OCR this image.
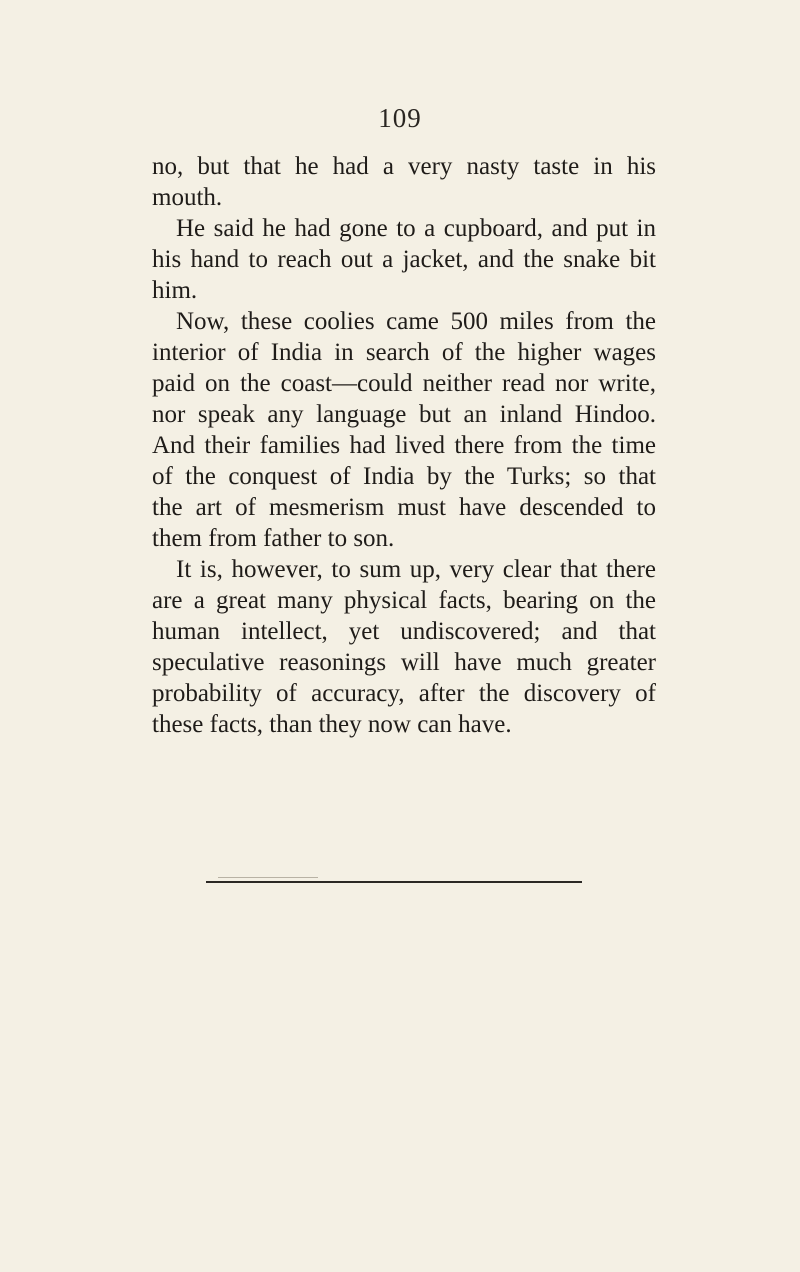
109
no, but that he had a very nasty taste in his
mouth.
He said he had gone to a cupboard, and put in
his hand to reach out a jacket, and the snake bit
him.
Now, these coolies came 500 miles from the
interior of India in search of the higher wages
paid on the coast—could neither read nor write,
nor speak any language but an inland Hindoo.
And their families had lived there from the time
of the conquest of India by the Turks; so that
the art of mesmerism must have descended to
them from father to son.
It is, however, to sum up, very clear that there
are a great many physical facts, bearing on the
human intellect, yet undiscovered; and that
speculative reasonings will have much greater
probability of accuracy, after the discovery of
these facts, than they now can have.
